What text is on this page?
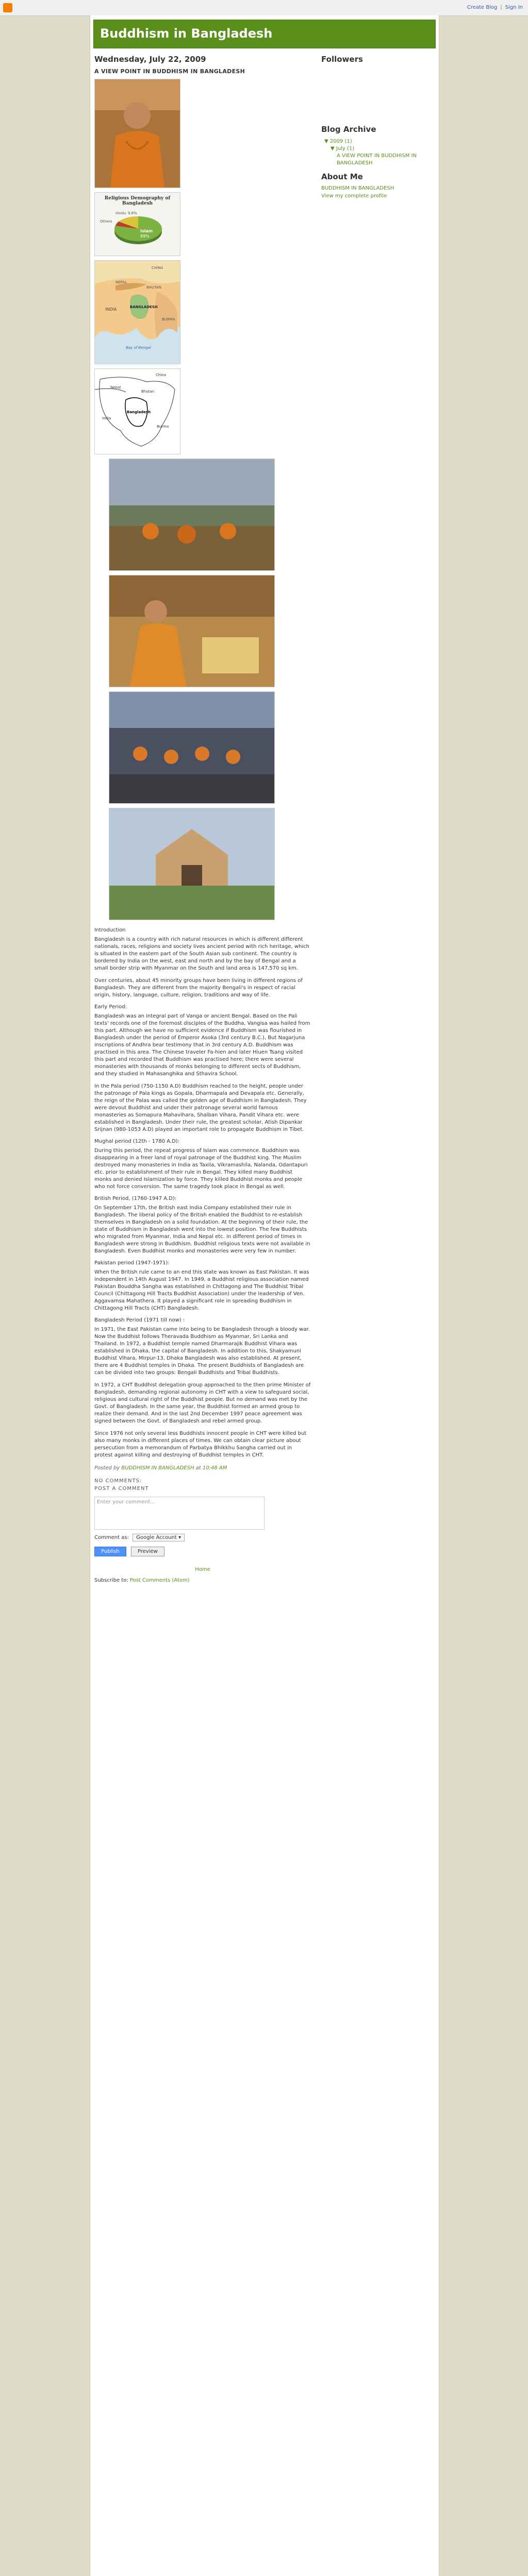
Create Blog | Sign In
Buddhism in Bangladesh
Wednesday, July 22, 2009
A VIEW POINT IN BUDDHISM IN BANGLADESH
Religious Demography of Bangladesh
Islam
89%
Hindu 9.6%
Others
CHINA
NEPAL
BHUTAN
INDIA	BANGLADESH
BURMA
Bay of Bengal
China
Nepal
Bhutan
India
Bangladesh
Burma
Introduction

Bangladesh is a country with rich natural resources in which is different different nationals, races, religions and society lives ancient period with rich heritage, which is situated in the eastern part of the South Asian sub continent. The country is bordered by India on the west, east and north and by the bay of Bengal and a small border strip with Myanmar on the South and land area is 147,570 sq km.

Over centuries, about 45 minority groups have been living in different regions of Bangladesh. They are different from the majority Bengali's in respect of racial origin, history, language, culture, religion, traditions and way of life.

Early Period:

Bangladesh was an integral part of Vanga or ancient Bengal. Based on the Pali texts' records one of the foremost disciples of the Buddha, Vangisa was hailed from this part. Although we have no sufficient evidence if Buddhism was flourished in Bangladesh under the period of Emperor Asoka (3rd century B.C.), But Nagarjuna inscriptions of Andhra bear testimony that in 3rd century A.D. Buddhism was practised in this area. The Chinese traveler Fa-hien and later Hiuen Tsang visited this part and recorded that Buddhism was practised here; there were several monasteries with thousands of monks belonging to different sects of Buddhism, and they studied in Mahasanghika and Sthavira School.

In the Pala period (750-1150 A.D) Buddhism reached to the height, people under the patronage of Pala kings as Gopala, Dharmapala and Devapala etc. Generally, the reign of the Palas was called the golden age of Buddhism in Bangladesh. They were devout Buddhist and under their patronage several world famous monasteries as Somapura Mahavihara, Shalban Vihara, Pandit Vihara etc. were established in Bangladesh. Under their rule, the greatest scholar, Atish Dipankar Srijnan (980-1053 A.D) played an important role to propagate Buddhism in Tibet.

Mughal period (12th - 1780 A.D):

During this period, the repeat progress of Islam was commence. Buddhism was disappearing in a freer land of royal patronage of the Buddhist king. The Muslim destroyed many monasteries in India as Taxila, Vikramashila, Nalanda, Odantapuri etc. prior to establishment of their rule in Bengal. They killed many Buddhist monks and denied Islamization by force. They killed Buddhist monks and people who not force conversion. The same tragedy took place in Bengal as well.

British Period, (1760-1947 A.D):

On September 17th, the British east India Company established their rule in Bangladesh. The liberal policy of the British enabled the Buddhist to re-establish themselves in Bangladesh on a solid foundation. At the beginning of their rule, the state of Buddhism in Bangladesh went into the lowest position. The few Buddhists who migrated from Myanmar, India and Nepal etc. in different period of times in Bangladesh were strong in Buddhism. Buddhist religious texts were not available in Bangladesh. Even Buddhist monks and monasteries were very few in number.

Pakistan period (1947-1971):

When the British rule came to an end this state was known as East Pakistan. It was independent in 14th August 1947. In 1949, a Buddhist religious association named Pakistan Bouddha Sangha was established in Chittagong and The Buddhist Tribal Council (Chittagong Hill Tracts Buddhist Association) under the leadership of Ven. Aggavamsa Mahathera. It played a significant role in spreading Buddhism in Chittagong Hill Tracts (CHT) Bangladesh.

Bangladesh Period (1971 till now) :

In 1971, the East Pakistan came into being to be Bangladesh through a bloody war. Now the Buddhist follows Theravada Buddhism as Myanmar, Sri Lanka and Thailand. In 1972, a Buddhist temple named Dharmarajik Buddhist Vihara was established in Dhaka, the capital of Bangladesh. In addition to this, Shakyamuni Buddhist Vihara, Mirpur-13, Dhaka Bangladesh was also established. At present, there are 4 Buddhist temples in Dhaka. The present Buddhists of Bangladesh are can be divided into two groups: Bengali Buddhists and Tribal Buddhists.

In 1972, a CHT Buddhist delegation group approached to the then prime Minister of Bangladesh, demanding regional autonomy in CHT with a view to safeguard social, religious and cultural right of the Buddhist people. But no demand was met by the Govt. of Bangladesh. In the same year, the Buddhist formed an armed group to realize their demand. And in the last 2nd December 1997 peace agreement was signed between the Govt. of Bangladesh and rebel armed group.

Since 1976 not only several less Buddhists innocent people in CHT were killed but also many monks in different places of times. We can obtain clear picture about persecution from a memorandum of Parbatya Bhikkhu Sangha carried out in protest against killing and destroying of Buddhist temples in CHT.

Posted by BUDDHISM IN BANGLADESH at 10:48 AM
NO COMMENTS:
POST A COMMENT
Enter your comment...
Comment as: Google Account ▾
Publish	Preview
Home
Subscribe to: Post Comments (Atom)
Followers
Blog Archive
▼ 2009 (1)
▼ July (1)
A VIEW POINT IN BUDDHISM IN BANGLADESH
About Me
BUDDHISM IN BANGLADESH
View my complete profile
